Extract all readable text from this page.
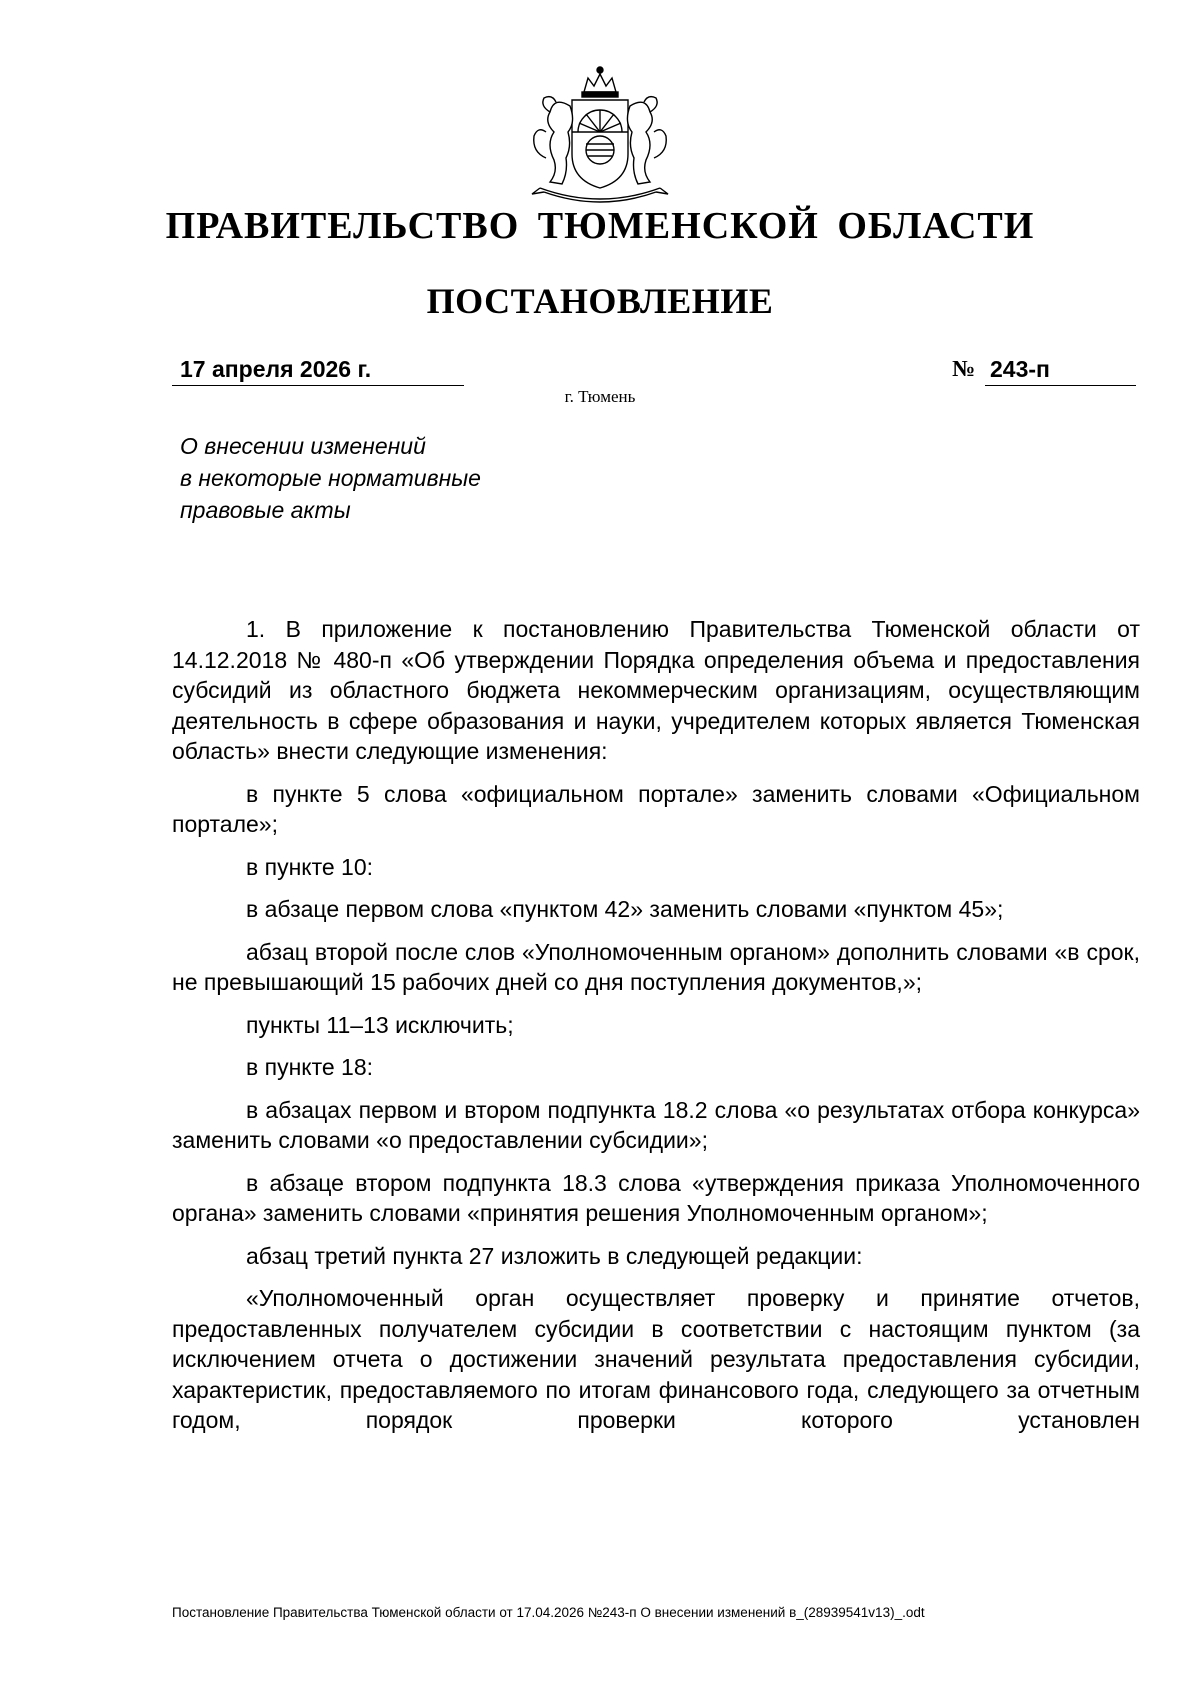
ПРАВИТЕЛЬСТВО ТЮМЕНСКОЙ ОБЛАСТИ
ПОСТАНОВЛЕНИЕ
17 апреля 2026 г.	№ 243-п
г. Тюмень

О внесении изменений
в некоторые нормативные
правовые акты

1. В приложение к постановлению Правительства Тюменской области от 14.12.2018 № 480-п «Об утверждении Порядка определения объема и предоставления субсидий из областного бюджета некоммерческим организациям, осуществляющим деятельность в сфере образования и науки, учредителем которых является Тюменская область» внести следующие изменения:

в пункте 5 слова «официальном портале» заменить словами «Официальном портале»;

в пункте 10:

в абзаце первом слова «пунктом 42» заменить словами «пунктом 45»;

абзац второй после слов «Уполномоченным органом» дополнить словами «в срок, не превышающий 15 рабочих дней со дня поступления документов,»;

пункты 11–13 исключить;

в пункте 18:

в абзацах первом и втором подпункта 18.2 слова «о результатах отбора конкурса» заменить словами «о предоставлении субсидии»;

в абзаце втором подпункта 18.3 слова «утверждения приказа Уполномоченного органа» заменить словами «принятия решения Уполномоченным органом»;

абзац третий пункта 27 изложить в следующей редакции:

«Уполномоченный орган осуществляет проверку и принятие отчетов, предоставленных получателем субсидии в соответствии с настоящим пунктом (за исключением отчета о достижении значений результата предоставления субсидии, характеристик, предоставляемого по итогам финансового года, следующего за отчетным годом, порядок проверки которого установлен

Постановление Правительства Тюменской области от 17.04.2026 №243-п О внесении изменений в_(28939541v13)_.odt
